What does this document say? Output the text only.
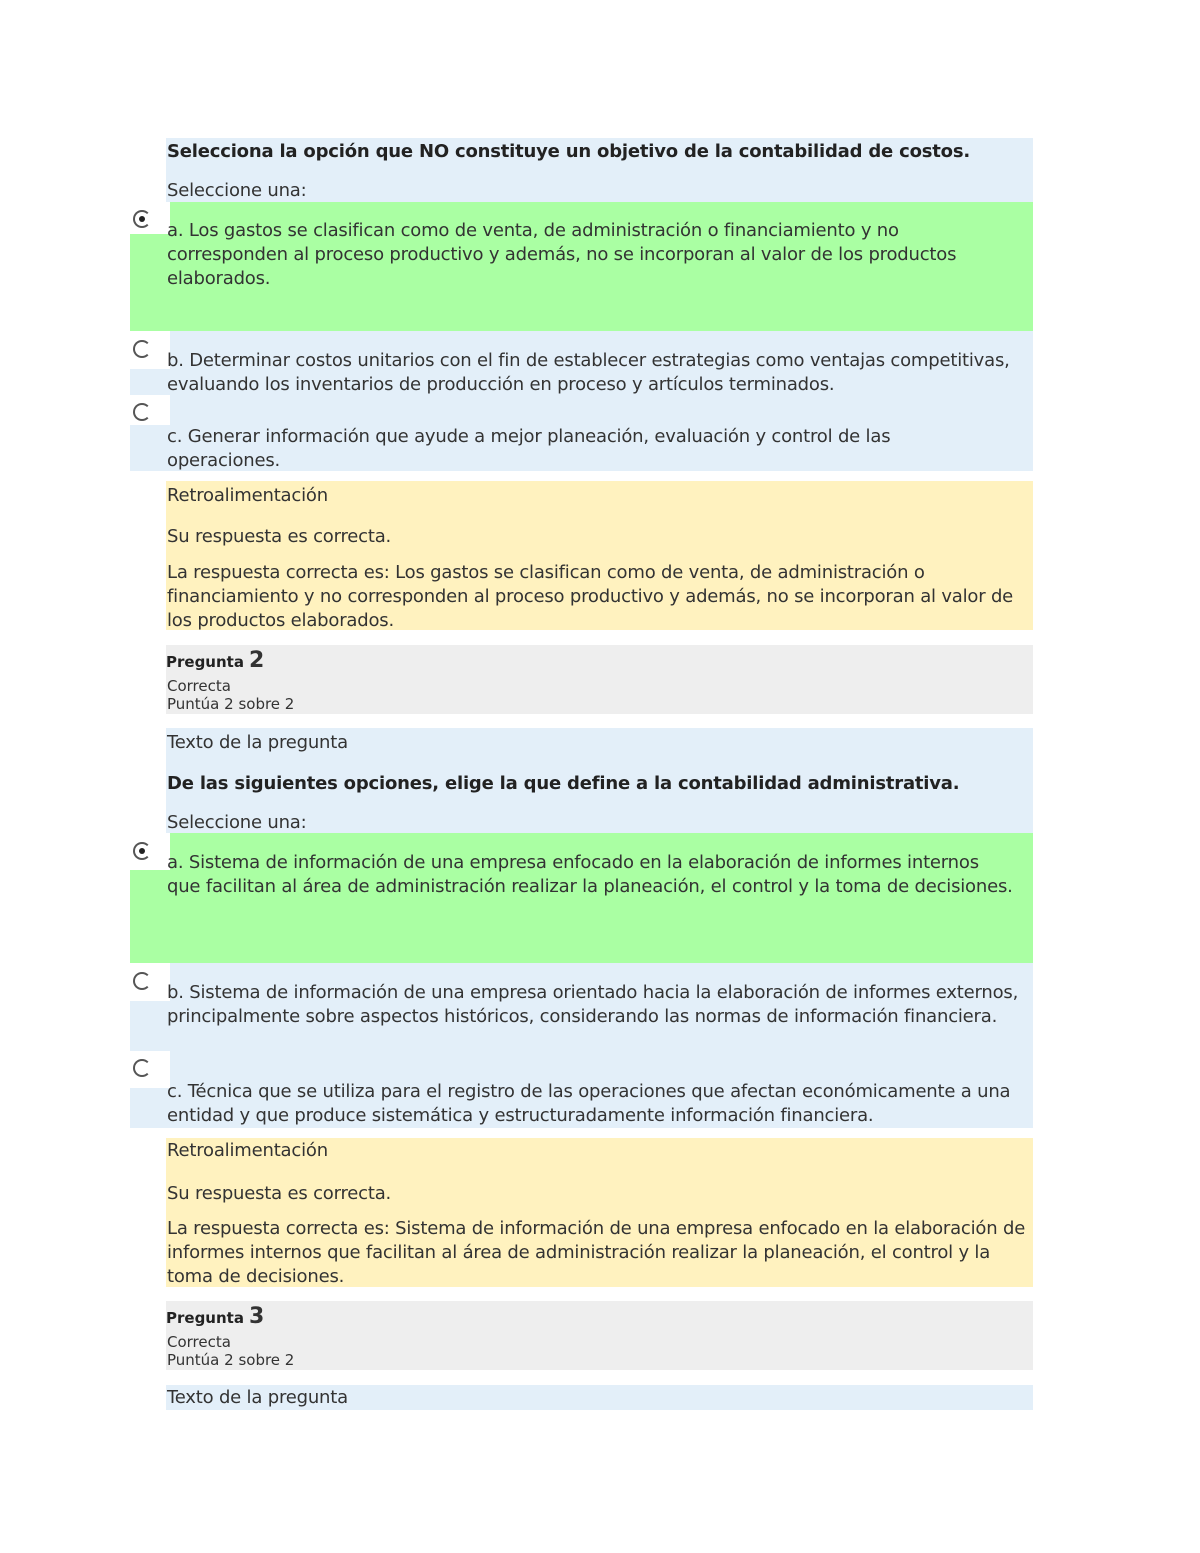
Selecciona la opción que NO constituye un objetivo de la contabilidad de costos.
Seleccione una:
a. Los gastos se clasifican como de venta, de administración o financiamiento y no corresponden al proceso productivo y además, no se incorporan al valor de los productos elaborados.
b. Determinar costos unitarios con el fin de establecer estrategias como ventajas competitivas, evaluando los inventarios de producción en proceso y artículos terminados.
c. Generar información que ayude a mejor planeación, evaluación y control de las operaciones.
Retroalimentación
Su respuesta es correcta.
La respuesta correcta es: Los gastos se clasifican como de venta, de administración o financiamiento y no corresponden al proceso productivo y además, no se incorporan al valor de los productos elaborados.
Pregunta 2
Correcta
Puntúa 2 sobre 2
Texto de la pregunta
De las siguientes opciones, elige la que define a la contabilidad administrativa.
Seleccione una:
a. Sistema de información de una empresa enfocado en la elaboración de informes internos que facilitan al área de administración realizar la planeación, el control y la toma de decisiones.
b. Sistema de información de una empresa orientado hacia la elaboración de informes externos, principalmente sobre aspectos históricos, considerando las normas de información financiera.
c. Técnica que se utiliza para el registro de las operaciones que afectan económicamente a una entidad y que produce sistemática y estructuradamente información financiera.
Retroalimentación
Su respuesta es correcta.
La respuesta correcta es: Sistema de información de una empresa enfocado en la elaboración de informes internos que facilitan al área de administración realizar la planeación, el control y la toma de decisiones.
Pregunta 3
Correcta
Puntúa 2 sobre 2
Texto de la pregunta
